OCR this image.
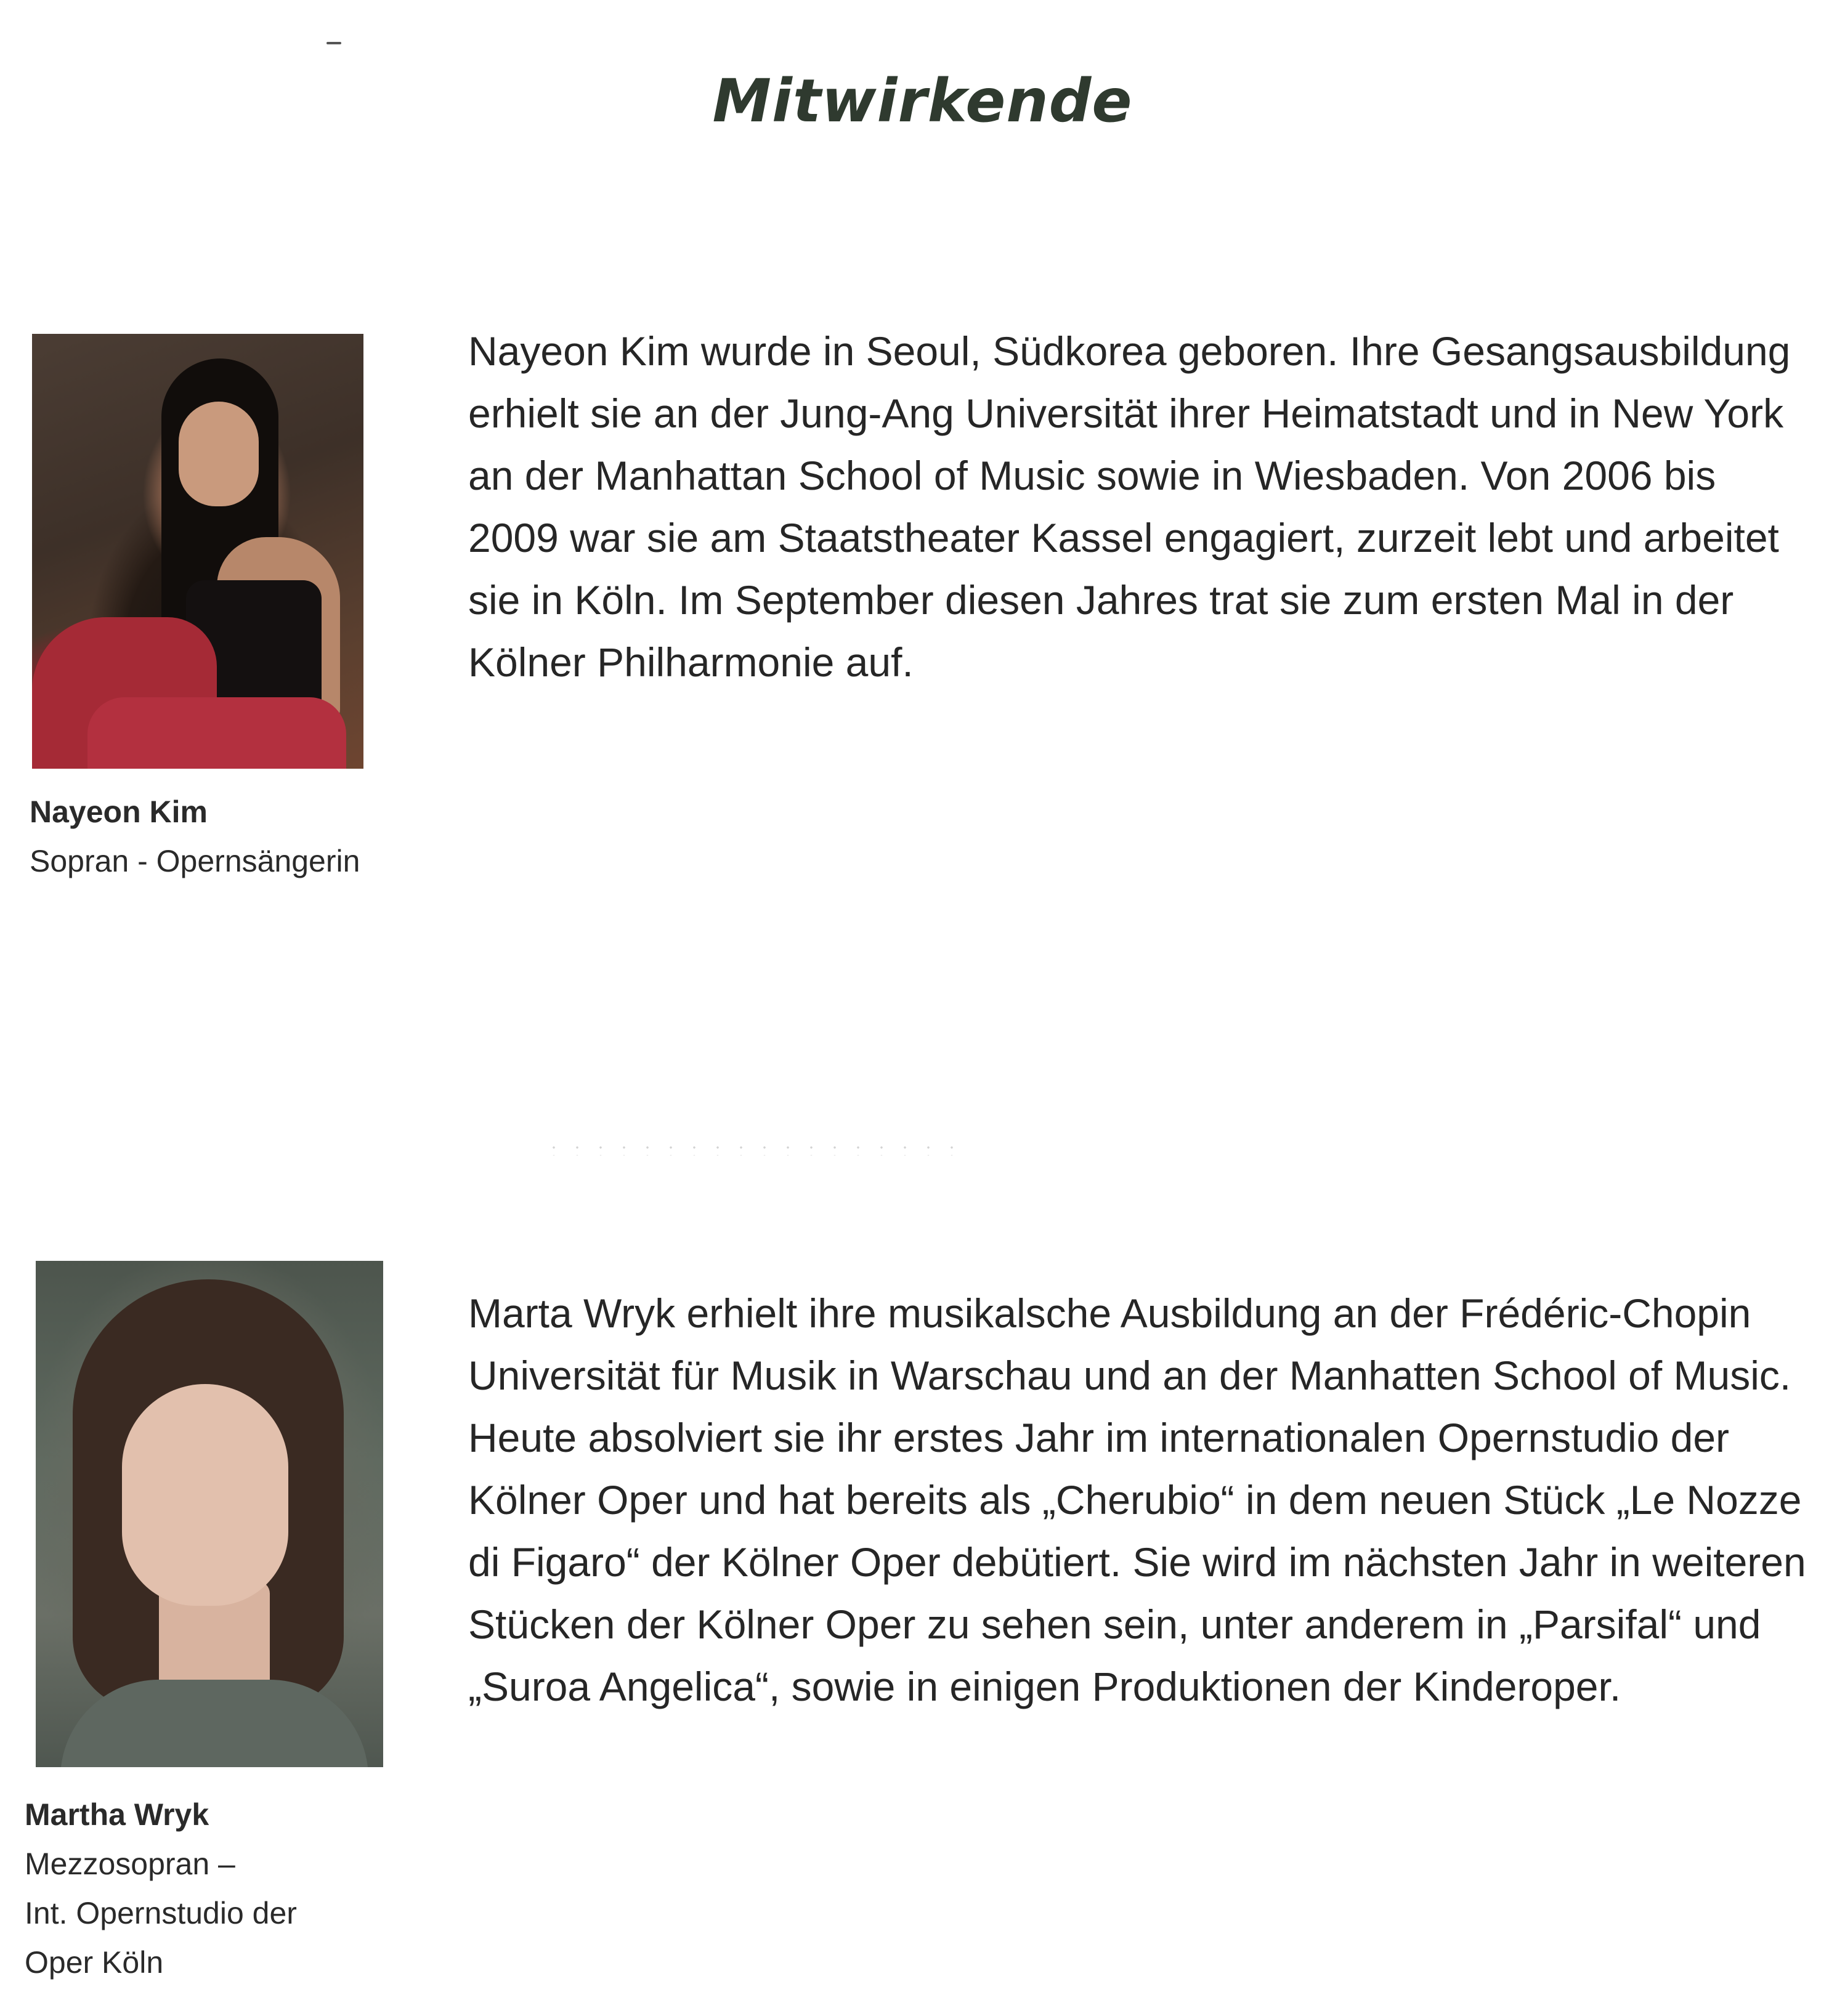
Mitwirkende

Nayeon Kim wurde in Seoul, Südkorea geboren. Ihre Gesangsausbildung erhielt sie an der Jung-Ang Universität ihrer Heimatstadt und in New York an der Manhattan School of Music sowie in Wiesbaden. Von 2006 bis 2009 war sie am Staatstheater Kassel engagiert, zurzeit lebt und arbeitet sie in Köln. Im September diesen Jahres trat sie zum ersten Mal in der Kölner Philharmonie auf.

Nayeon Kim
Sopran - Opernsängerin

Marta Wryk erhielt ihre musikalsche Ausbildung an der Frédéric-Chopin Universität für Musik in Warschau und an der Manhatten School of Music. Heute absolviert sie ihr erstes Jahr im internationalen Opernstudio der Kölner Oper und hat bereits als „Cherubio“ in dem neuen Stück „Le Nozze di Figaro“ der Kölner Oper debütiert. Sie wird im nächsten Jahr in weiteren Stücken der Kölner Oper zu sehen sein, unter anderem in „Parsifal“ und „Suroa Angelica“, sowie in einigen Produktionen der Kinderoper.

Martha Wryk
Mezzosopran –
Int. Opernstudio der
Oper Köln
